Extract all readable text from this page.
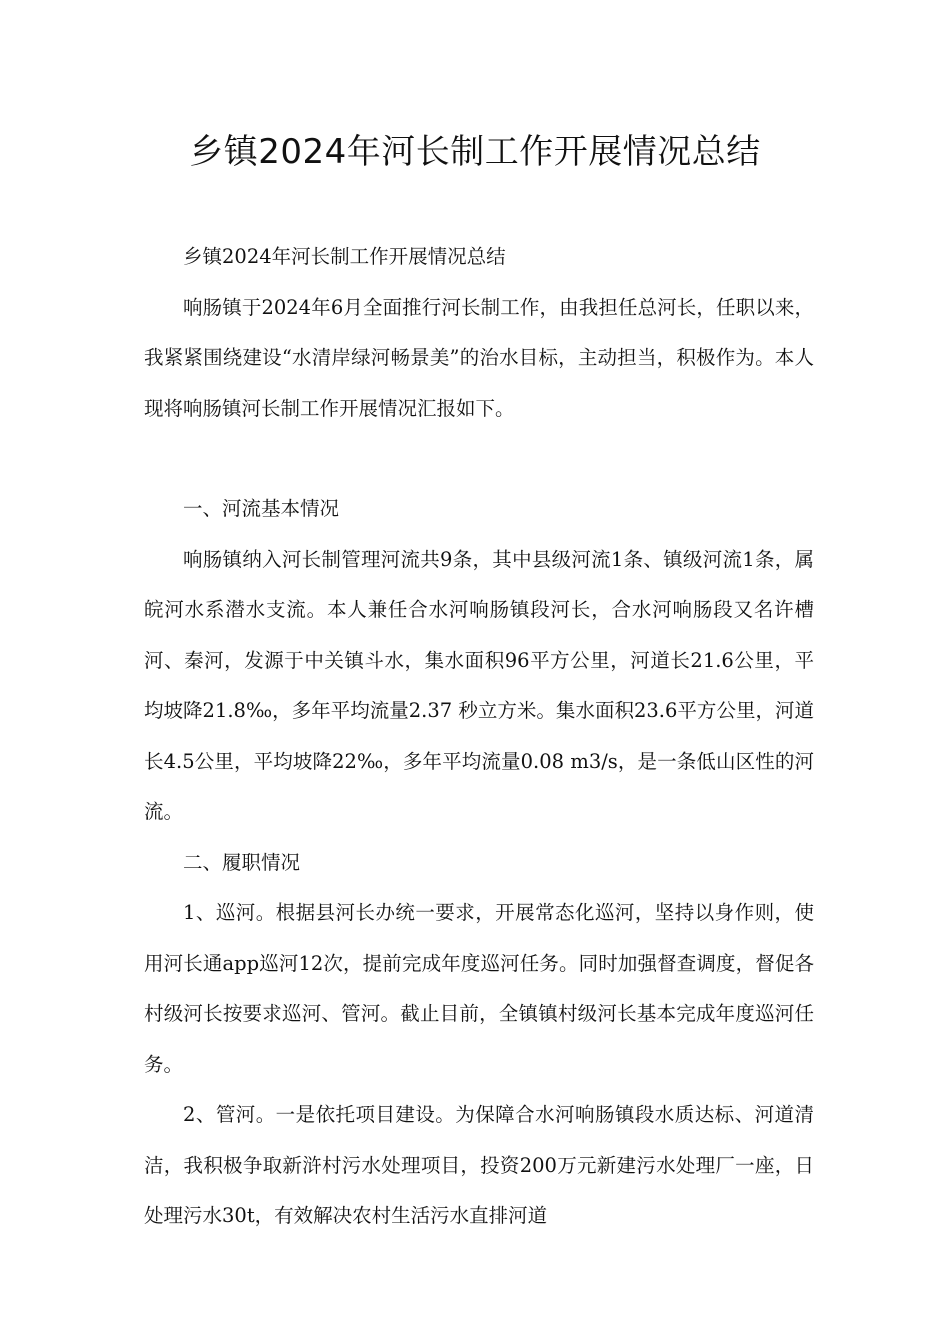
乡镇2024年河长制工作开展情况总结

乡镇2024年河长制工作开展情况总结

响肠镇于2024年6月全面推行河长制工作，由我担任总河长，任职以来，我紧紧围绕建设“水清岸绿河畅景美”的治水目标，主动担当，积极作为。本人现将响肠镇河长制工作开展情况汇报如下。

一、河流基本情况

响肠镇纳入河长制管理河流共9条，其中县级河流1条、镇级河流1条，属皖河水系潜水支流。本人兼任合水河响肠镇段河长，合水河响肠段又名许槽河、秦河，发源于中关镇斗水，集水面积96平方公里，河道长21.6公里，平均坡降21.8‰，多年平均流量2.37 秒立方米。集水面积23.6平方公里，河道长4.5公里，平均坡降22‰，多年平均流量0.08 m3/s，是一条低山区性的河流。

二、履职情况

1、巡河。根据县河长办统一要求，开展常态化巡河，坚持以身作则，使用河长通app巡河12次，提前完成年度巡河任务。同时加强督查调度，督促各村级河长按要求巡河、管河。截止目前，全镇镇村级河长基本完成年度巡河任务。

2、管河。一是依托项目建设。为保障合水河响肠镇段水质达标、河道清洁，我积极争取新浒村污水处理项目，投资200万元新建污水处理厂一座，日处理污水30t，有效解决农村生活污水直排河道
